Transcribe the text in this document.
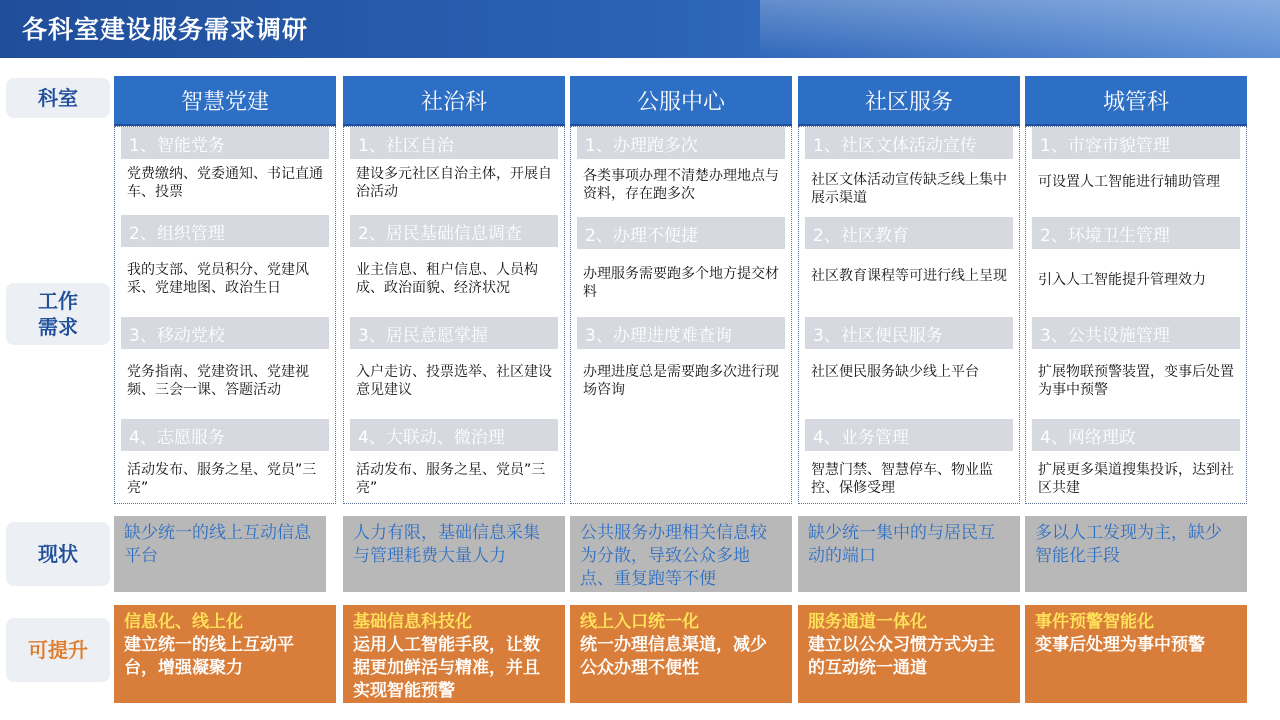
各科室建设服务需求调研
科室
工作
需求
现状
可提升
智慧党建
1、智能党务
党费缴纳、党委通知、书记直通车、投票
2、组织管理
我的支部、党员积分、党建风采、党建地图、政治生日
3、移动党校
党务指南、党建资讯、党建视频、三会一课、答题活动
4、志愿服务
活动发布、服务之星、党员”三亮”
缺少统一的线上互动信息平台
信息化、线上化
建立统一的线上互动平台，增强凝聚力
社治科
1、社区自治
建设多元社区自治主体，开展自治活动
2、居民基础信息调查
业主信息、租户信息、人员构成、政治面貌、经济状况
3、居民意愿掌握
入户走访、投票选举、社区建设意见建议
4、大联动、微治理
活动发布、服务之星、党员”三亮”
人力有限，基础信息采集与管理耗费大量人力
基础信息科技化
运用人工智能手段，让数据更加鲜活与精准，并且实现智能预警
公服中心
1、办理跑多次
各类事项办理不清楚办理地点与资料，存在跑多次
2、办理不便捷
办理服务需要跑多个地方提交材料
3、办理进度难查询
办理进度总是需要跑多次进行现场咨询
公共服务办理相关信息较为分散，导致公众多地点、重复跑等不便
线上入口统一化
统一办理信息渠道，减少公众办理不便性
社区服务
1、社区文体活动宣传
社区文体活动宣传缺乏线上集中展示渠道
2、社区教育
社区教育课程等可进行线上呈现
3、社区便民服务
社区便民服务缺少线上平台
4、业务管理
智慧门禁、智慧停车、物业监控、保修受理
缺少统一集中的与居民互动的端口
服务通道一体化
建立以公众习惯方式为主的互动统一通道
城管科
1、市容市貌管理
可设置人工智能进行辅助管理
2、环境卫生管理
引入人工智能提升管理效力
3、公共设施管理
扩展物联预警装置，变事后处置为事中预警
4、网络理政
扩展更多渠道搜集投诉，达到社区共建
多以人工发现为主，缺少智能化手段
事件预警智能化
变事后处理为事中预警
